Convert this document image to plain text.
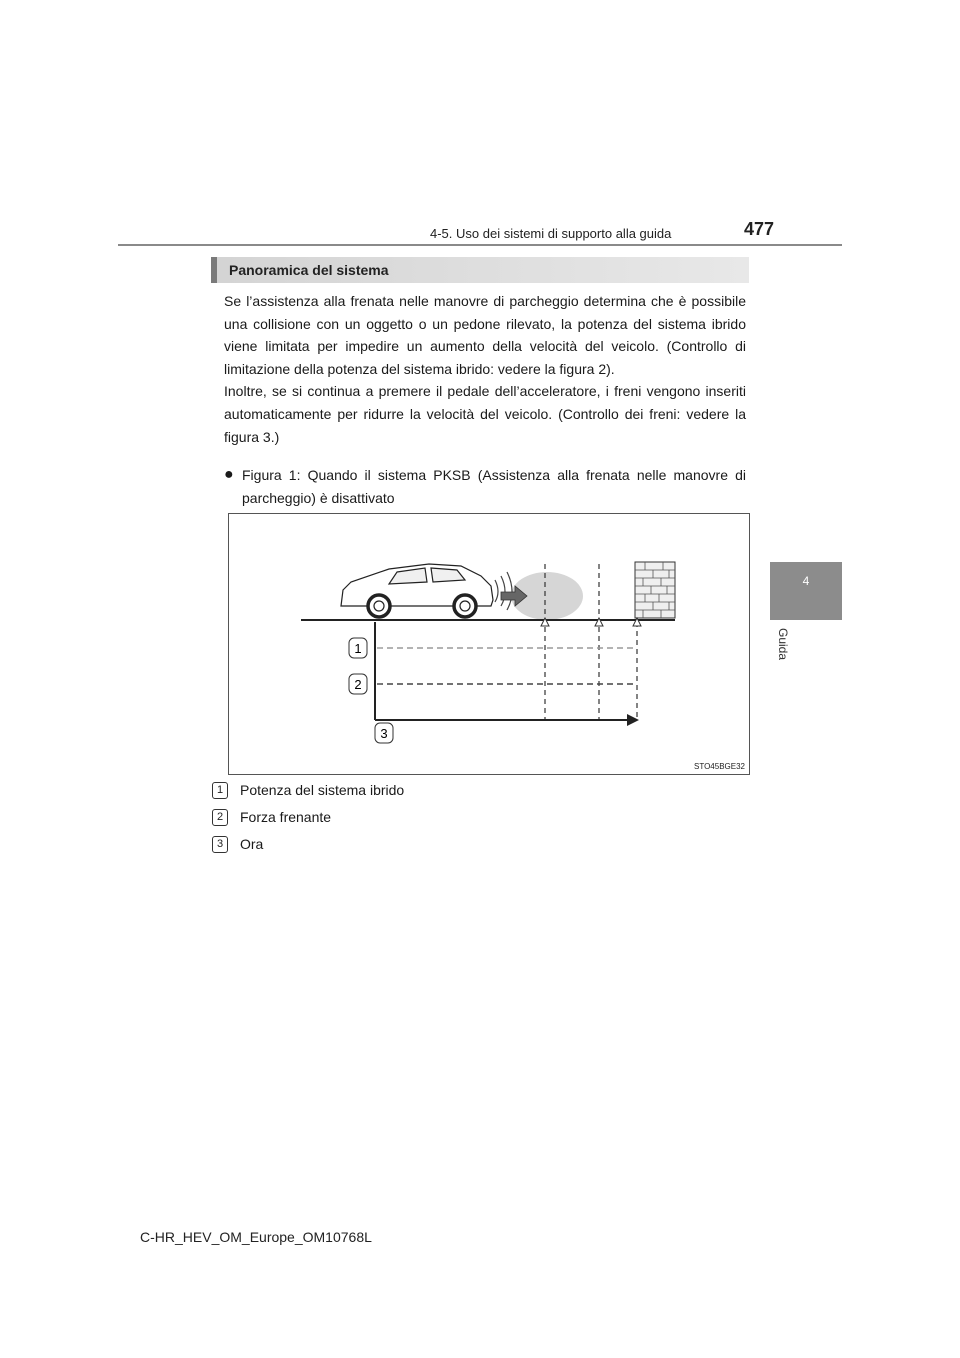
4-5. Uso dei sistemi di supporto alla guida	477
4
Guida
Panoramica del sistema

Se l’assistenza alla frenata nelle manovre di parcheggio determina che è possibile una collisione con un oggetto o un pedone rilevato, la potenza del sistema ibrido viene limitata per impedire un aumento della velocità del veicolo. (Controllo di limitazione della potenza del sistema ibrido: vedere la figura 2).

Inoltre, se si continua a premere il pedale dell’acceleratore, i freni vengono inseriti automaticamente per ridurre la velocità del veicolo. (Controllo dei freni: vedere la figura 3.)

● Figura 1: Quando il sistema PKSB (Assistenza alla frenata nelle manovre di parcheggio) è disattivato
1
2
3
STO45BGE32
1	Potenza del sistema ibrido
2	Forza frenante
3	Ora
C-HR_HEV_OM_Europe_OM10768L
